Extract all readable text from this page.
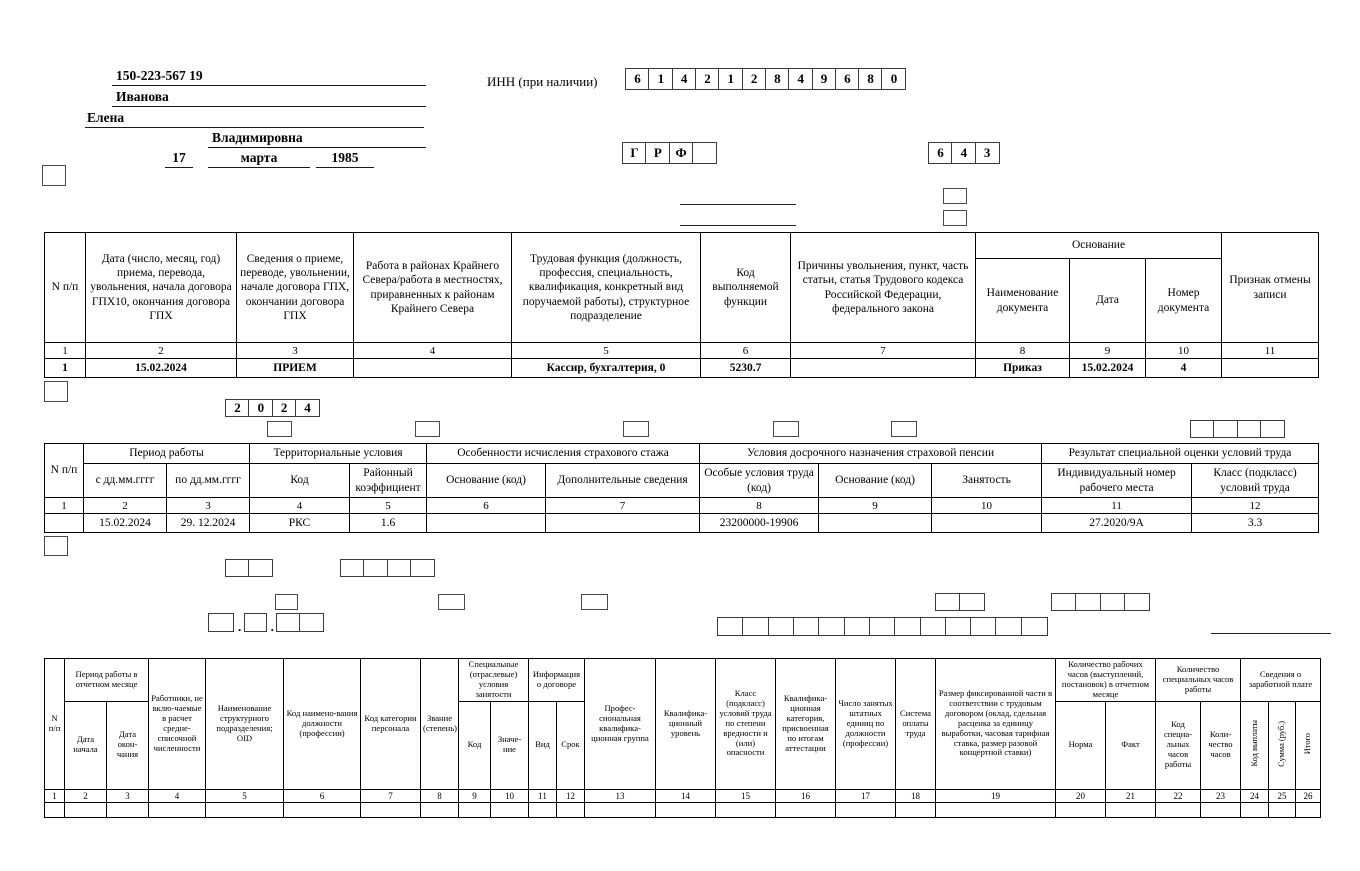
150-223-567 19
Иванова
Елена
Владимировна
17	марта	1985
ИНН (при наличии)	6	1	4	2	1	2	8	4	9	6	8	0
Г	Р	Ф	6	4	3
N п/п	Дата (число, месяц, год) приема, перевода, увольнения, начала договора ГПХ10, окончания договора ГПХ	Сведения о приеме, переводе, увольнении, начале договора ГПХ, окончании договора ГПХ	Работа в районах Крайнего Севера/работа в местностях, приравненных к районам Крайнего Севера	Трудовая функция (должность, профессия, специальность, квалификация, конкретный вид поручаемой работы), структурное подразделение	Код выполняемой функции	Причины увольнения, пункт, часть статьи, статья Трудового кодекса Российской Федерации, федерального закона	Основание			Признак отмены записи
							Наименование документа	Дата	Номер документа	
1	2	3	4	5	6	7	8	9	10	11
1	15.02.2024	ПРИЕМ		Кассир, бухгалтерия, 0	5230.7		Приказ	15.02.2024	4	
2	0	2	4
N п/п	Период работы		Территориальные условия		Особенности исчисления страхового стажа		Условия досрочного назначения страховой пенсии			Результат специальной оценки условий труда	
	с дд.мм.гггг	по дд.мм.гггг	Код	Районный коэффициент	Основание (код)	Дополнительные сведения	Особые условия труда (код)	Основание (код)	Занятость	Индивидуальный номер рабочего места	Класс (подкласс) условий труда
1	2	3	4	5	6	7	8	9	10	11	12
	15.02.2024	29. 12.2024	РКС	1.6			23200000-19906			27.2020/9А	3.3
. .
N п/п	Период работы в отчетном месяце		Работники, не вклю-чаемые в расчет средне-списочной численности	Наименование структурного подразделения; OID	Код наимено-вания должности (профессии)	Код категории персонала	Звание (степень)	Специальные (отраслевые) условия занятости		Информация о договоре		Профес-сиональная квалифика-ционная группа	Квалифика-ционный уровень	Класс (подкласс) условий труда по степени вредности и (или) опасности	Квалифика-ционная категория, присвоенная по итогам аттестации	Число занятых штатных единиц по должности (профессии)	Система оплаты труда	Размер фиксированной части в соответствии с трудовым договором (оклад, сдельная расценка за единицу выработки, часовая тарифная ставка, размер разовой концертной ставки)	Количество рабочих часов (выступлений, постановок) в отчетном месяце		Количество специальных часов работы		Сведения о заработной плате		
	Дата начала	Дата окон-чания						Код	Значе-ние	Вид	Срок								Норма	Факт	Код специа-льных часов работы	Коли-чество часов	Код выплаты	Сумма (руб.)	Итого
1	2	3	4	5	6	7	8	9	10	11	12	13	14	15	16	17	18	19	20	21	22	23	24	25	26
